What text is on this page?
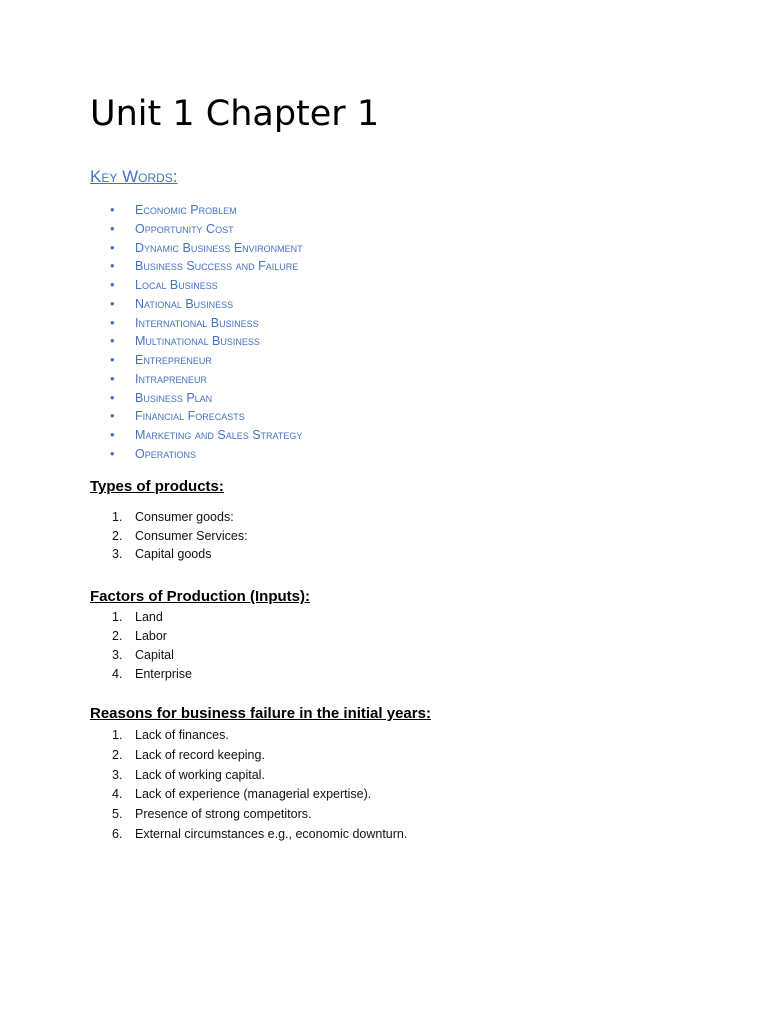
Unit 1 Chapter 1
Key Words:
•	Economic Problem
•	Opportunity Cost
•	Dynamic Business Environment
•	Business Success and Failure
•	Local Business
•	National Business
•	International Business
•	Multinational Business
•	Entrepreneur
•	Intrapreneur
•	Business Plan
•	Financial Forecasts
•	Marketing and Sales Strategy
•	Operations
Types of products:
1.	Consumer goods:
2.	Consumer Services:
3.	Capital goods
Factors of Production (Inputs):
1.	Land
2.	Labor
3.	Capital
4.	Enterprise
Reasons for business failure in the initial years:
1.	Lack of finances.
2.	Lack of record keeping.
3.	Lack of working capital.
4.	Lack of experience (managerial expertise).
5.	Presence of strong competitors.
6.	External circumstances e.g., economic downturn.
